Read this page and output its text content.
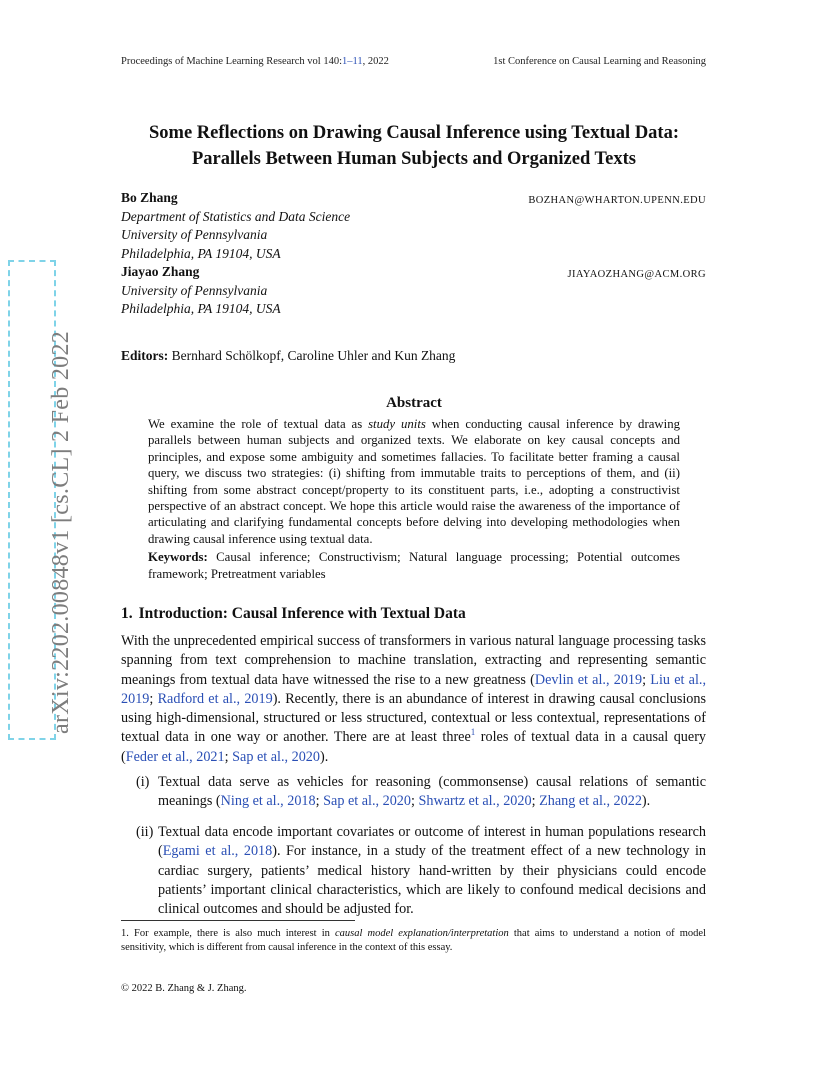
arXiv:2202.00848v1 [cs.CL] 2 Feb 2022
Proceedings of Machine Learning Research vol 140:1–11, 2022	1st Conference on Causal Learning and Reasoning
Some Reflections on Drawing Causal Inference using Textual Data:
Parallels Between Human Subjects and Organized Texts
Bo Zhang	BOZHAN@WHARTON.UPENN.EDU
Department of Statistics and Data Science
University of Pennsylvania
Philadelphia, PA 19104, USA
Jiayao Zhang	JIAYAOZHANG@ACM.ORG
University of Pennsylvania
Philadelphia, PA 19104, USA
Editors: Bernhard Schölkopf, Caroline Uhler and Kun Zhang
Abstract

We examine the role of textual data as study units when conducting causal inference by drawing parallels between human subjects and organized texts. We elaborate on key causal concepts and principles, and expose some ambiguity and sometimes fallacies. To facilitate better framing a causal query, we discuss two strategies: (i) shifting from immutable traits to perceptions of them, and (ii) shifting from some abstract concept/property to its constituent parts, i.e., adopting a constructivist perspective of an abstract concept. We hope this article would raise the awareness of the importance of articulating and clarifying fundamental concepts before delving into developing methodologies when drawing causal inference using textual data.

Keywords: Causal inference; Constructivism; Natural language processing; Potential outcomes framework; Pretreatment variables

1. Introduction: Causal Inference with Textual Data

With the unprecedented empirical success of transformers in various natural language processing tasks spanning from text comprehension to machine translation, extracting and representing semantic meanings from textual data have witnessed the rise to a new greatness (Devlin et al., 2019; Liu et al., 2019; Radford et al., 2019). Recently, there is an abundance of interest in drawing causal conclusions using high-dimensional, structured or less structured, contextual or less contextual, representations of textual data in one way or another. There are at least three$^1$ roles of textual data in a causal query (Feder et al., 2021; Sap et al., 2020).

(i) Textual data serve as vehicles for reasoning (commonsense) causal relations of semantic meanings (Ning et al., 2018; Sap et al., 2020; Shwartz et al., 2020; Zhang et al., 2022).
(ii) Textual data encode important covariates or outcome of interest in human populations research (Egami et al., 2018). For instance, in a study of the treatment effect of a new technology in cardiac surgery, patients’ medical history hand-written by their physicians could encode patients’ important clinical characteristics, which are likely to confound medical decisions and clinical outcomes and should be adjusted for.
1. For example, there is also much interest in causal model explanation/interpretation that aims to understand a notion of model sensitivity, which is different from causal inference in the context of this essay.
© 2022 B. Zhang & J. Zhang.
